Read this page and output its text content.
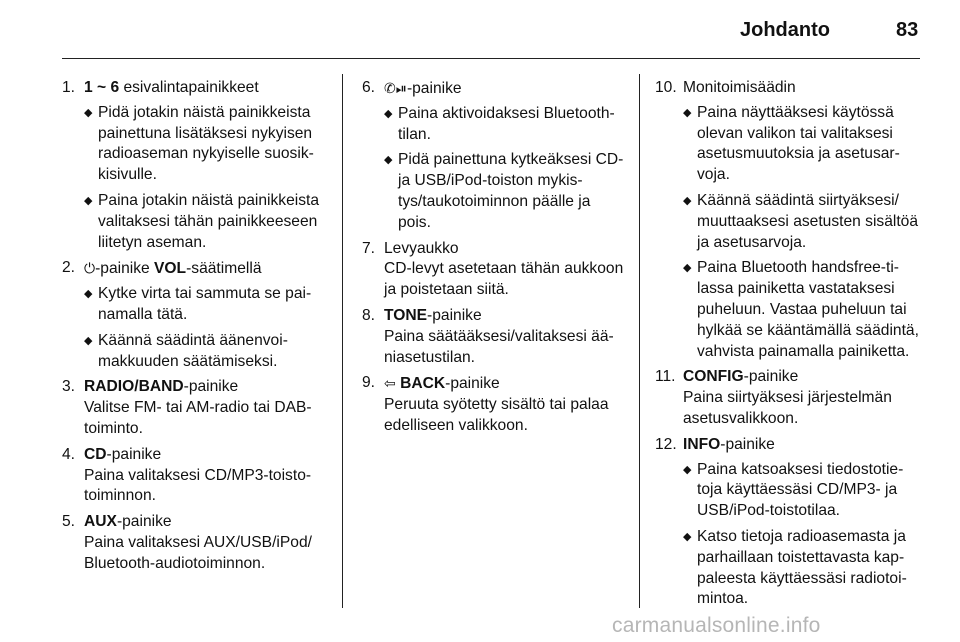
Johdanto	83
1. 1 ~ 6 esivalintapainikkeet
◆ Pidä jotakin näistä painikkeista painettuna lisätäksesi nykyisen radioaseman nykyiselle suosikkisivulle.
◆ Paina jotakin näistä painikkeista valitaksesi tähän painikkeeseen liitetyn aseman.
2. ⏻-painike VOL-säätimellä
◆ Kytke virta tai sammuta se painamalla tätä.
◆ Käännä säädintä äänenvoimakkuuden säätämiseksi.
3. RADIO/BAND-painike
Valitse FM- tai AM-radio tai DAB-toiminto.
4. CD-painike
Paina valitaksesi CD/MP3-toistotoiminnon.
5. AUX-painike
Paina valitaksesi AUX/USB/iPod/ Bluetooth-audiotoiminnon.
6. ✆⏯-painike
◆ Paina aktivoidaksesi Bluetooth-tilan.
◆ Pidä painettuna kytkeäksesi CD- ja USB/iPod-toiston mykistys/taukotoiminnon päälle ja pois.
7. Levyaukko
CD-levyt asetetaan tähän aukkoon ja poistetaan siitä.
8. TONE-painike
Paina säätääksesi/valitaksesi ääniasetustilan.
9. ⇦ BACK-painike
Peruuta syötetty sisältö tai palaa edelliseen valikkoon.
10. Monitoimisäädin
◆ Paina näyttääksesi käytössä olevan valikon tai valitaksesi asetusmuutoksia ja asetusarvoja.
◆ Käännä säädintä siirtyäksesi/ muuttaaksesi asetusten sisältöä ja asetusarvoja.
◆ Paina Bluetooth handsfree-tilassa painiketta vastataksesi puheluun. Vastaa puheluun tai hylkää se kääntämällä säädintä, vahvista painamalla painiketta.
11. CONFIG-painike
Paina siirtyäksesi järjestelmän asetusvalikkoon.
12. INFO-painike
◆ Paina katsoaksesi tiedostotietoja käyttäessäsi CD/MP3- ja USB/iPod-toistotilaa.
◆ Katso tietoja radioasemasta ja parhaillaan toistettavasta kappaleesta käyttäessäsi radiotoimintoa.
carmanualsonline.info
